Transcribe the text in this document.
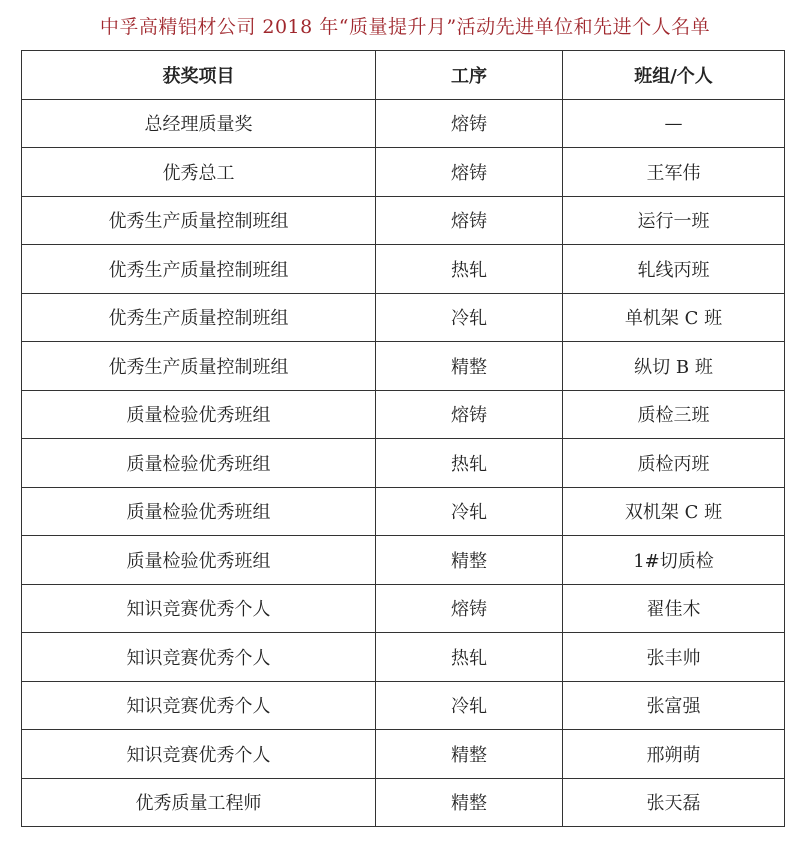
中孚高精铝材公司 2018 年“质量提升月”活动先进单位和先进个人名单
获奖项目	工序	班组/个人
总经理质量奖	熔铸	—
优秀总工	熔铸	王军伟
优秀生产质量控制班组	熔铸	运行一班
优秀生产质量控制班组	热轧	轧线丙班
优秀生产质量控制班组	冷轧	单机架 C 班
优秀生产质量控制班组	精整	纵切 B 班
质量检验优秀班组	熔铸	质检三班
质量检验优秀班组	热轧	质检丙班
质量检验优秀班组	冷轧	双机架 C 班
质量检验优秀班组	精整	1#切质检
知识竞赛优秀个人	熔铸	翟佳木
知识竞赛优秀个人	热轧	张丰帅
知识竞赛优秀个人	冷轧	张富强
知识竞赛优秀个人	精整	邢朔萌
优秀质量工程师	精整	张天磊
